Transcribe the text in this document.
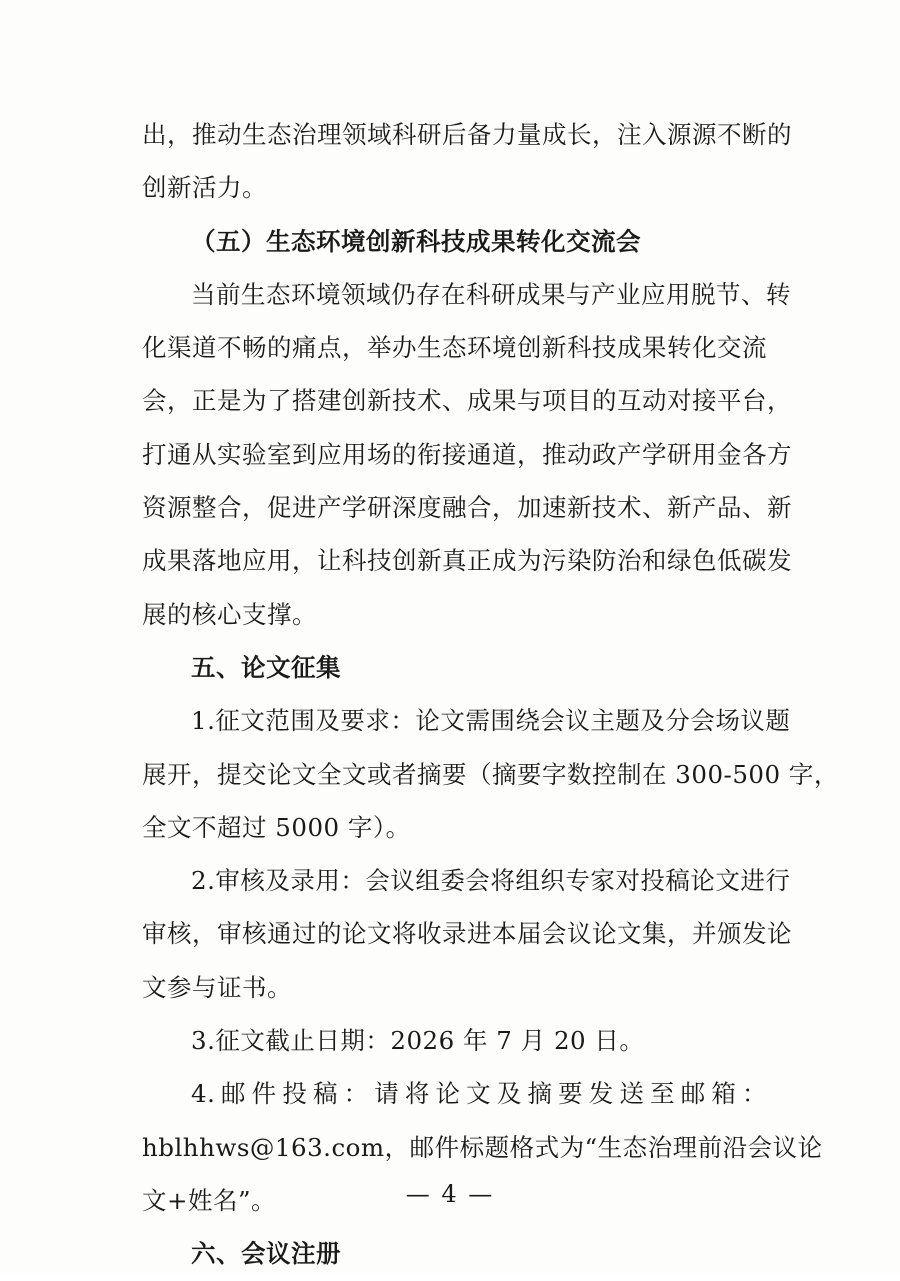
出，推动生态治理领域科研后备力量成长，注入源源不断的
创新活力。
（五）生态环境创新科技成果转化交流会
当前生态环境领域仍存在科研成果与产业应用脱节、转
化渠道不畅的痛点，举办生态环境创新科技成果转化交流
会，正是为了搭建创新技术、成果与项目的互动对接平台，
打通从实验室到应用场的衔接通道，推动政产学研用金各方
资源整合，促进产学研深度融合，加速新技术、新产品、新
成果落地应用，让科技创新真正成为污染防治和绿色低碳发
展的核心支撑。
五、论文征集
1.征文范围及要求：论文需围绕会议主题及分会场议题
展开，提交论文全文或者摘要（摘要字数控制在 300-500 字，
全文不超过 5000 字）。
2.审核及录用：会议组委会将组织专家对投稿论文进行
审核，审核通过的论文将收录进本届会议论文集，并颁发论
文参与证书。
3.征文截止日期：2026 年 7 月 20 日。
4.邮件投稿：请将论文及摘要发送至邮箱：
hblhhws@163.com，邮件标题格式为“生态治理前沿会议论
文+姓名”。
六、会议注册
— 4 —
